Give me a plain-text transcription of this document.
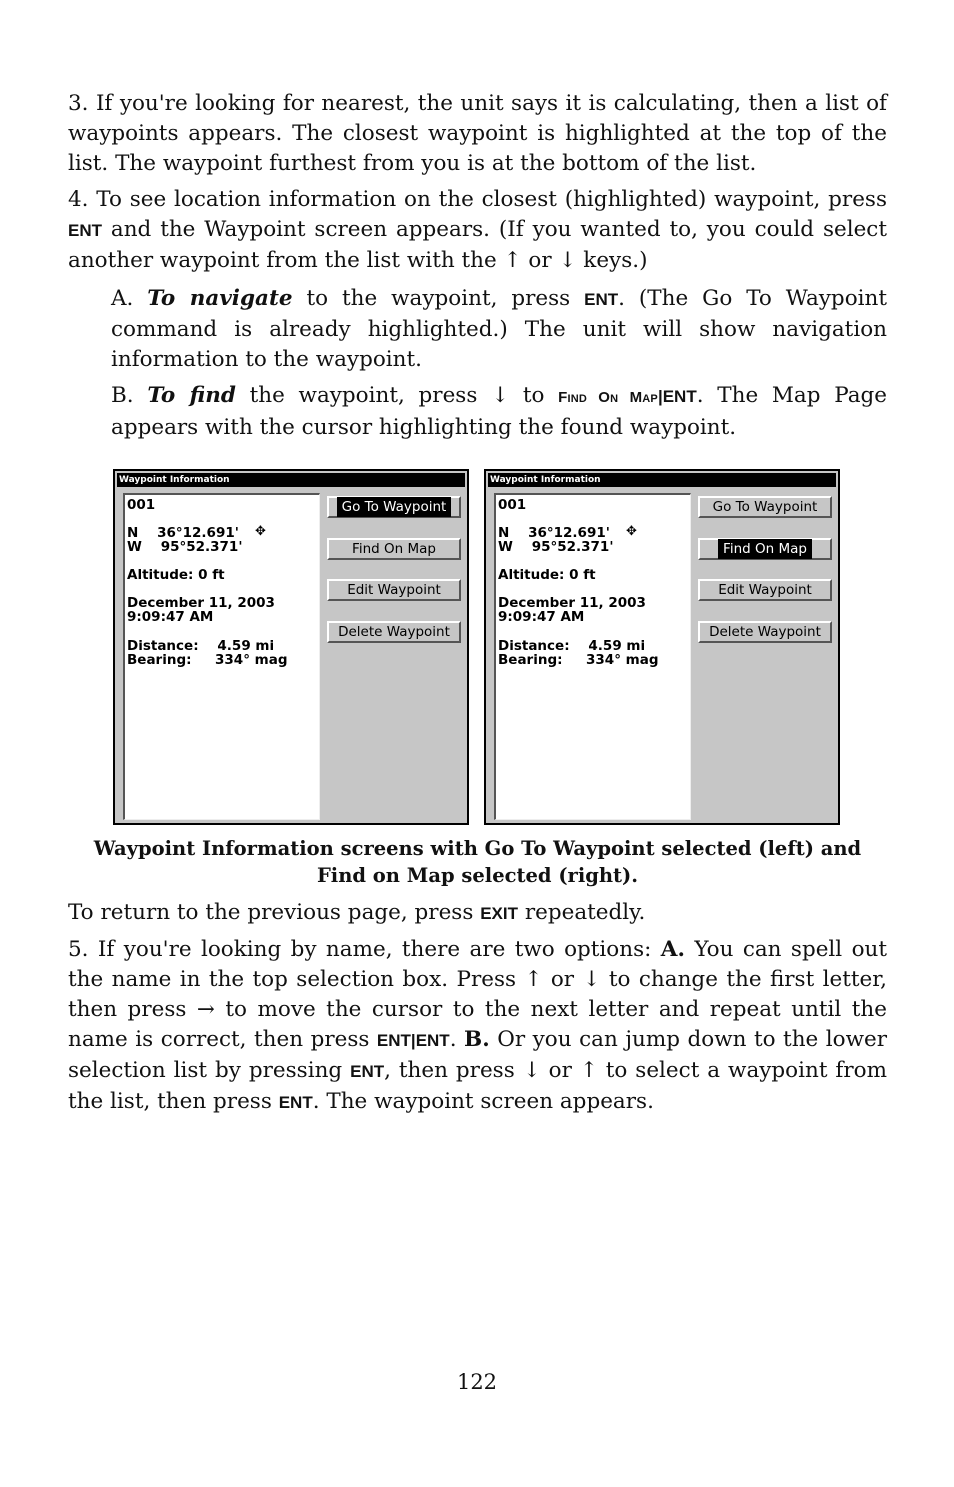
3. If you're looking for nearest, the unit says it is calculating, then a list of waypoints appears. The closest waypoint is highlighted at the top of the list. The waypoint furthest from you is at the bottom of the list.

4. To see location information on the closest (highlighted) waypoint, press ENT and the Waypoint screen appears. (If you wanted to, you could select another waypoint from the list with the ↑ or ↓ keys.)

A. To navigate to the waypoint, press ENT. (The Go To Waypoint command is already highlighted.) The unit will show navigation information to the waypoint.

B. To find the waypoint, press ↓ to Find On Map|ENT. The Map Page appears with the cursor highlighting the found waypoint.

Waypoint Information
001
N    36°12.691'
W    95°52.371'
✥
Altitude: 0 ft
December 11, 2003
9:09:47 AM
Distance:    4.59 mi
Bearing:     334° mag
Go To Waypoint
Find On Map
Edit Waypoint
Delete Waypoint
Waypoint Information
001
N    36°12.691'
W    95°52.371'
✥
Altitude: 0 ft
December 11, 2003
9:09:47 AM
Distance:    4.59 mi
Bearing:     334° mag
Go To Waypoint
Find On Map
Edit Waypoint
Delete Waypoint
Waypoint Information screens with Go To Waypoint selected (left) and Find on Map selected (right).

To return to the previous page, press EXIT repeatedly.

5. If you're looking by name, there are two options: A. You can spell out the name in the top selection box. Press ↑ or ↓ to change the first letter, then press → to move the cursor to the next letter and repeat until the name is correct, then press ENT|ENT. B. Or you can jump down to the lower selection list by pressing ENT, then press ↓ or ↑ to select a waypoint from the list, then press ENT. The waypoint screen appears.

122
